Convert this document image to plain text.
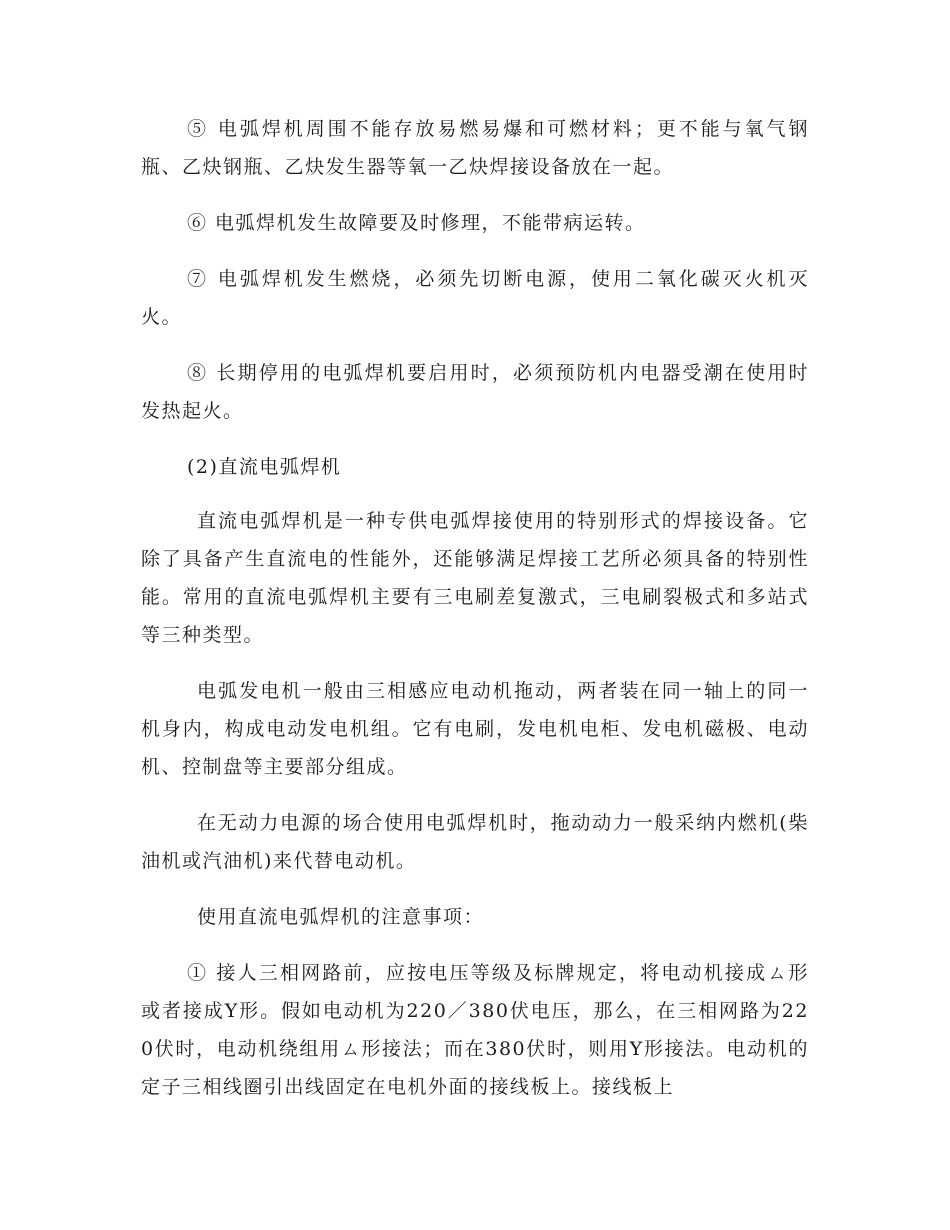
⑤ 电弧焊机周围不能存放易燃易爆和可燃材料；更不能与氧气钢瓶、乙炔钢瓶、乙炔发生器等氧一乙炔焊接设备放在一起。

⑥ 电弧焊机发生故障要及时修理，不能带病运转。

⑦ 电弧焊机发生燃烧，必须先切断电源，使用二氧化碳灭火机灭火。

⑧ 长期停用的电弧焊机要启用时，必须预防机内电器受潮在使用时发热起火。

(2)直流电弧焊机

直流电弧焊机是一种专供电弧焊接使用的特别形式的焊接设备。它除了具备产生直流电的性能外，还能够满足焊接工艺所必须具备的特别性能。常用的直流电弧焊机主要有三电刷差复激式，三电刷裂极式和多站式等三种类型。

电弧发电机一般由三相感应电动机拖动，两者装在同一轴上的同一机身内，构成电动发电机组。它有电刷，发电机电柜、发电机磁极、电动机、控制盘等主要部分组成。

在无动力电源的场合使用电弧焊机时，拖动动力一般采纳内燃机(柴油机或汽油机)来代替电动机。

使用直流电弧焊机的注意事项：

① 接人三相网路前，应按电压等级及标牌规定，将电动机接成ㄙ形或者接成Y形。假如电动机为220／380伏电压，那么，在三相网路为220伏时，电动机绕组用ㄙ形接法；而在380伏时，则用Y形接法。电动机的定子三相线圈引出线固定在电机外面的接线板上。接线板上
